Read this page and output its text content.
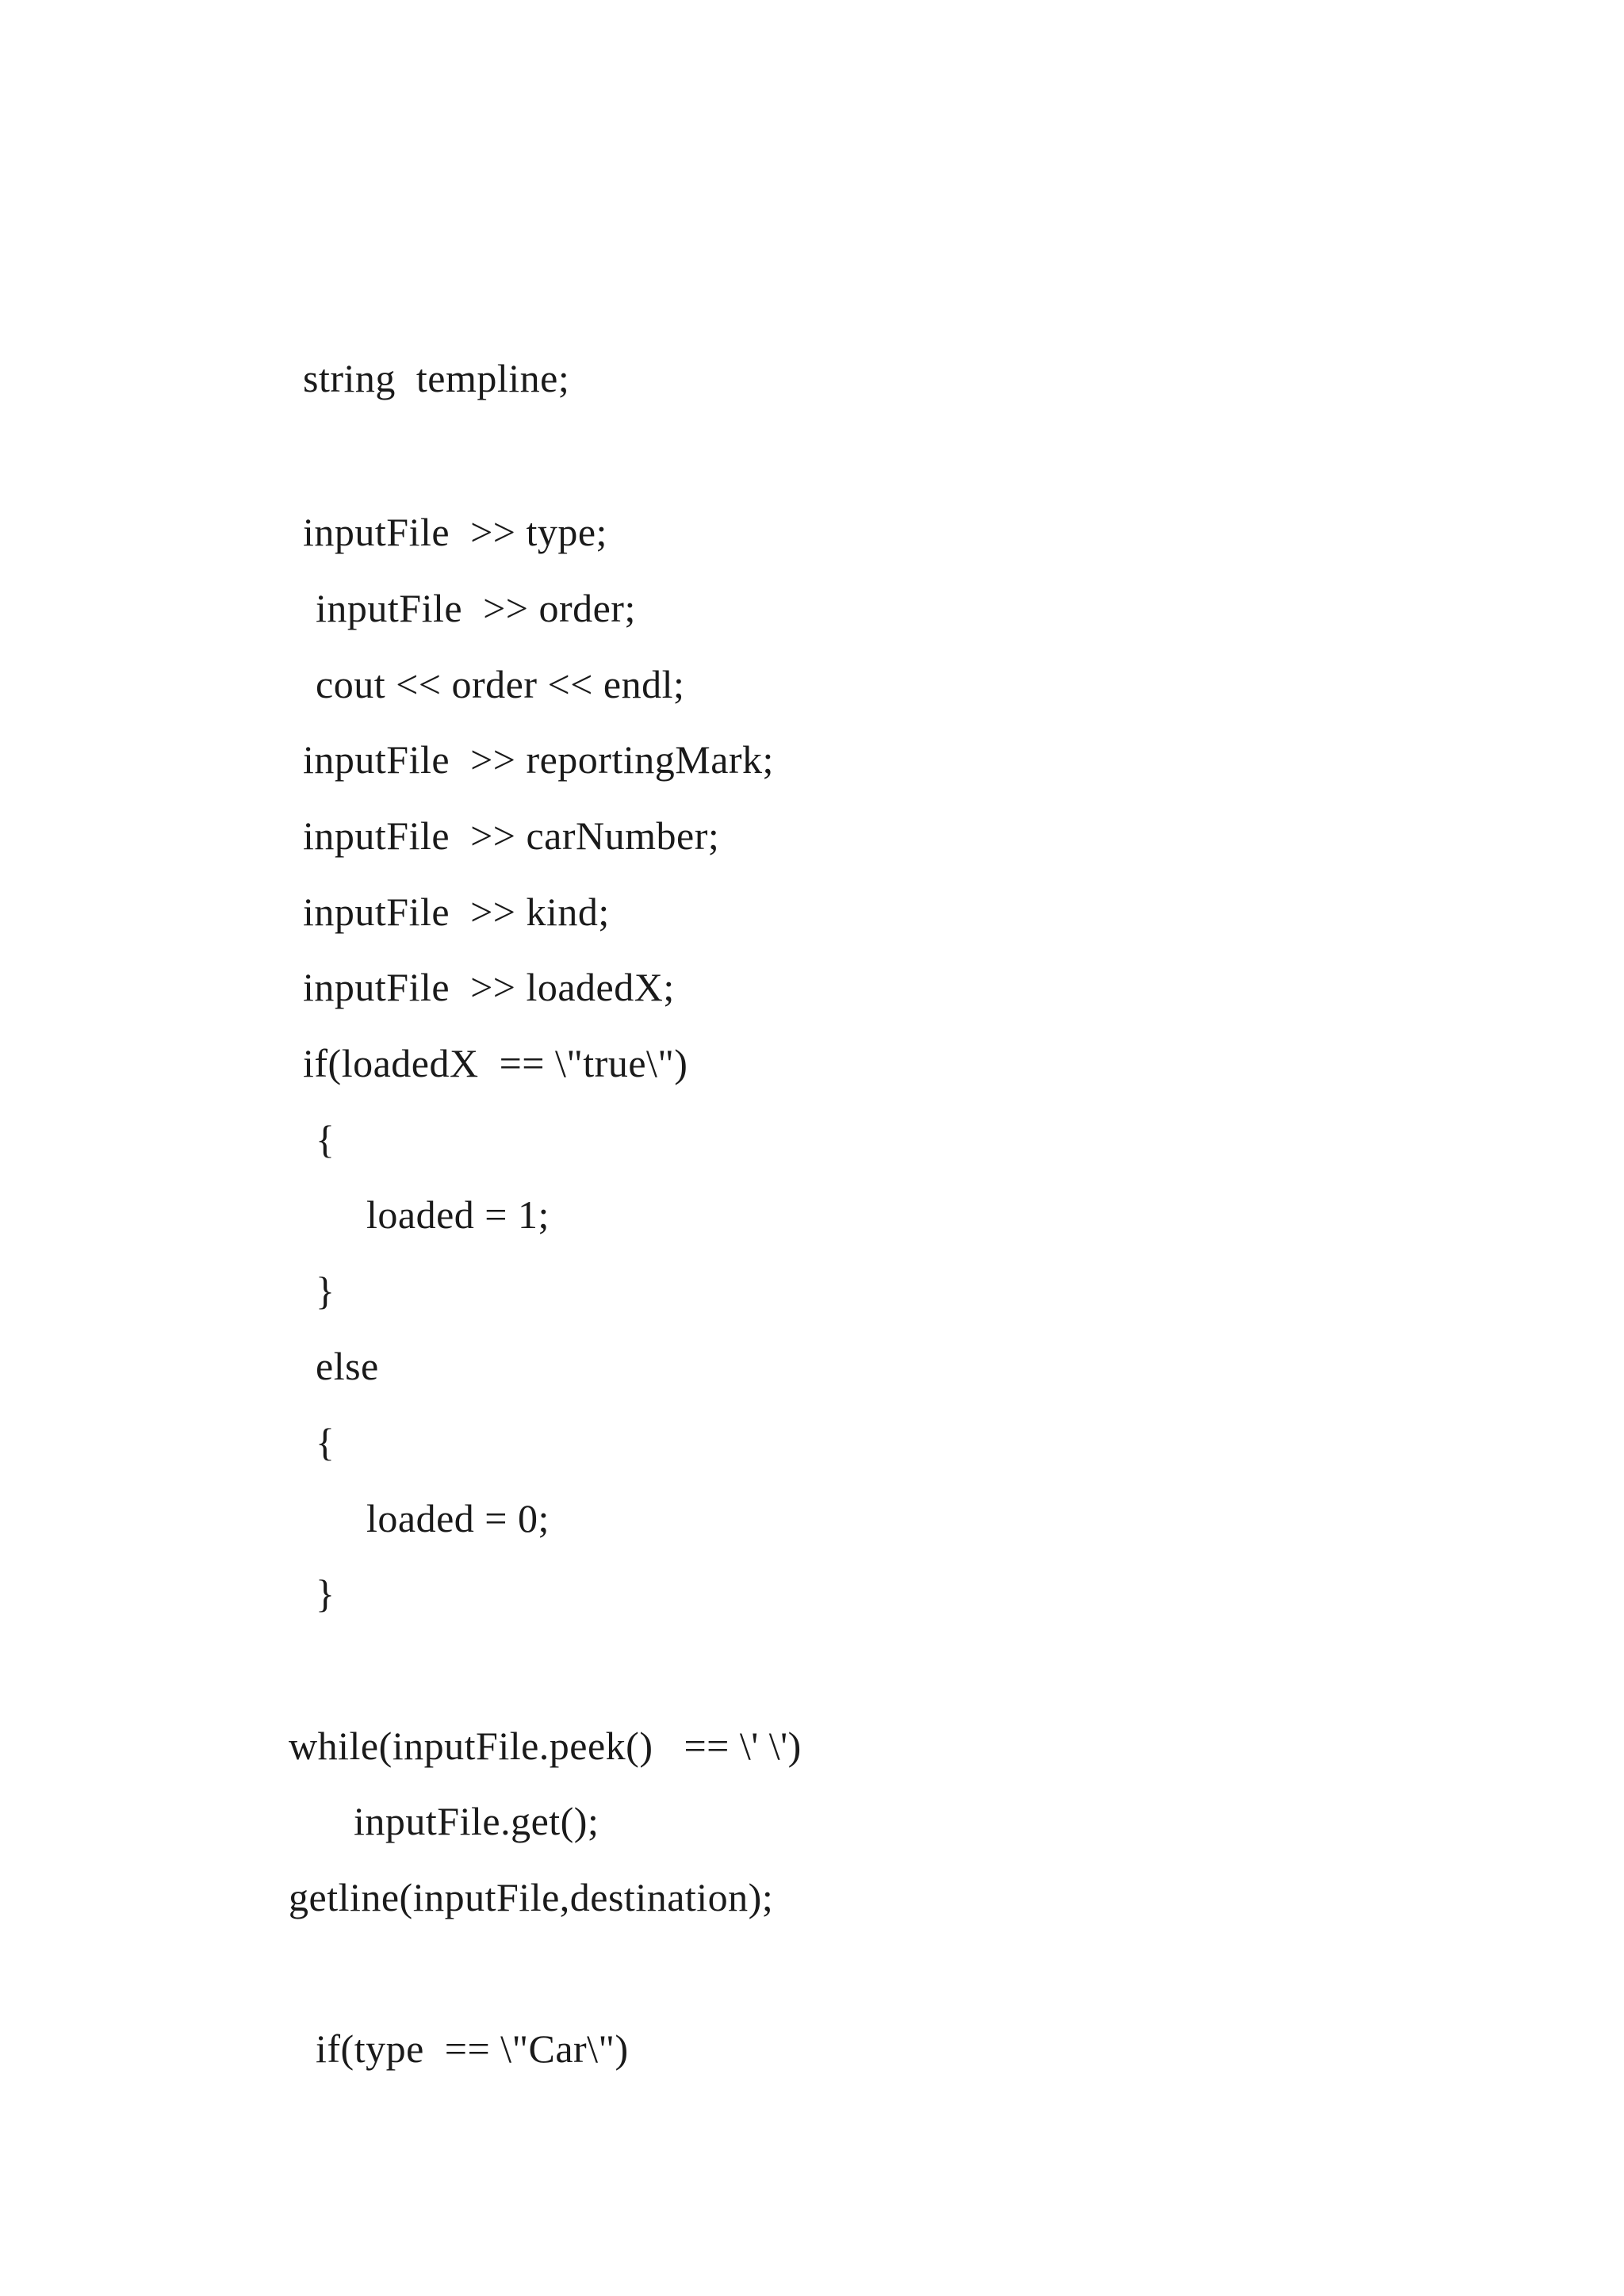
string  templine;
inputFile  >> type;
inputFile  >> order;
cout << order << endl;
inputFile  >> reportingMark;
inputFile  >> carNumber;
inputFile  >> kind;
inputFile  >> loadedX;
if(loadedX  == \"true\")
{
loaded = 1;
}
else
{
loaded = 0;
}
while(inputFile.peek()   == \' \')
inputFile.get();
getline(inputFile,destination);
if(type  == \"Car\")
